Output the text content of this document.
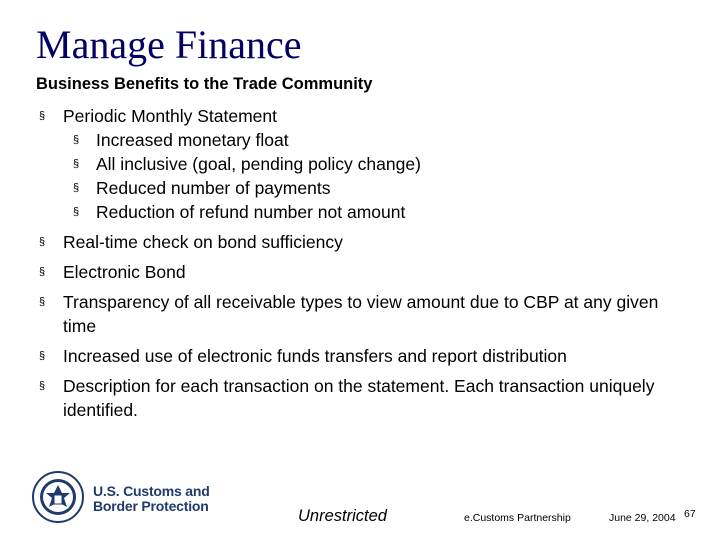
Manage Finance
Business Benefits to the Trade Community
§ Periodic Monthly Statement
§ Increased monetary float
§ All inclusive (goal, pending policy change)
§ Reduced number of payments
§ Reduction of refund number not amount
§ Real-time check on bond sufficiency
§ Electronic Bond
§ Transparency of all receivable types to view amount due to CBP at any given time
§ Increased use of electronic funds transfers and report distribution
§ Description for each transaction on the statement. Each transaction uniquely identified.
U.S. Customs and
Border Protection
Unrestricted	e.Customs Partnership	June 29, 2004 67
